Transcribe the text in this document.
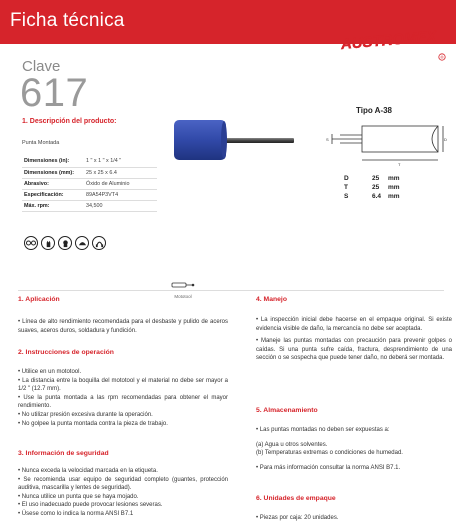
Ficha técnica
AUSTROMEX
®
Clave
617
1. Descripción del producto:
Punta Montada
Dimensiones (in):	1 " x 1 " x 1/4 "
Dimensiones (mm):	25 x 25 x 6.4
Abrasivo:	Óxido de Aluminio
Especificación:	89A54P3VT4
Máx. rpm:	34,500
Tipo A-38
S
T
D
D	25 mm
T	25 mm
S	6.4 mm
Mototool
1. Aplicación
• Línea de alto rendimiento recomendada para el desbaste y pulido de aceros suaves, aceros duros, soldadura y fundición.
2. Instrucciones de operación
• Utilice en un mototool.
• La distancia entre la boquilla del mototool y el material no debe ser mayor a 1/2 " (12.7 mm).
• Use la punta montada a las rpm recomendadas para obtener el mayor rendimiento.
• No utilizar presión excesiva durante la operación.
• No golpee la punta montada contra la pieza de trabajo.
3. Información de seguridad
• Nunca exceda la velocidad marcada en la etiqueta.
• Se recomienda usar equipo de seguridad completo (guantes, protección auditiva, mascarilla y lentes de seguridad).
• Nunca utilice un punta que se haya mojado.
• El uso inadecuado puede provocar lesiones severas.
• Úsese como lo indica la norma ANSI B7.1
4. Manejo
• La inspección inicial debe hacerse en el empaque original. Si existe evidencia visible de daño, la mercancía no debe ser aceptada.
• Maneje las puntas montadas con precaución para prevenir golpes o caídas. Si una punta sufre caída, fractura, desprendimiento de una sección o se sospecha que puede tener daño, no deberá ser montada.
5. Almacenamiento
• Las puntas montadas no deben ser expuestas a:
(a) Agua u otros solventes.
(b) Temperaturas extremas o condiciones de humedad.
• Para más información consultar la norma ANSI B7.1.
6. Unidades de empaque
• Piezas por caja: 20 unidades.
